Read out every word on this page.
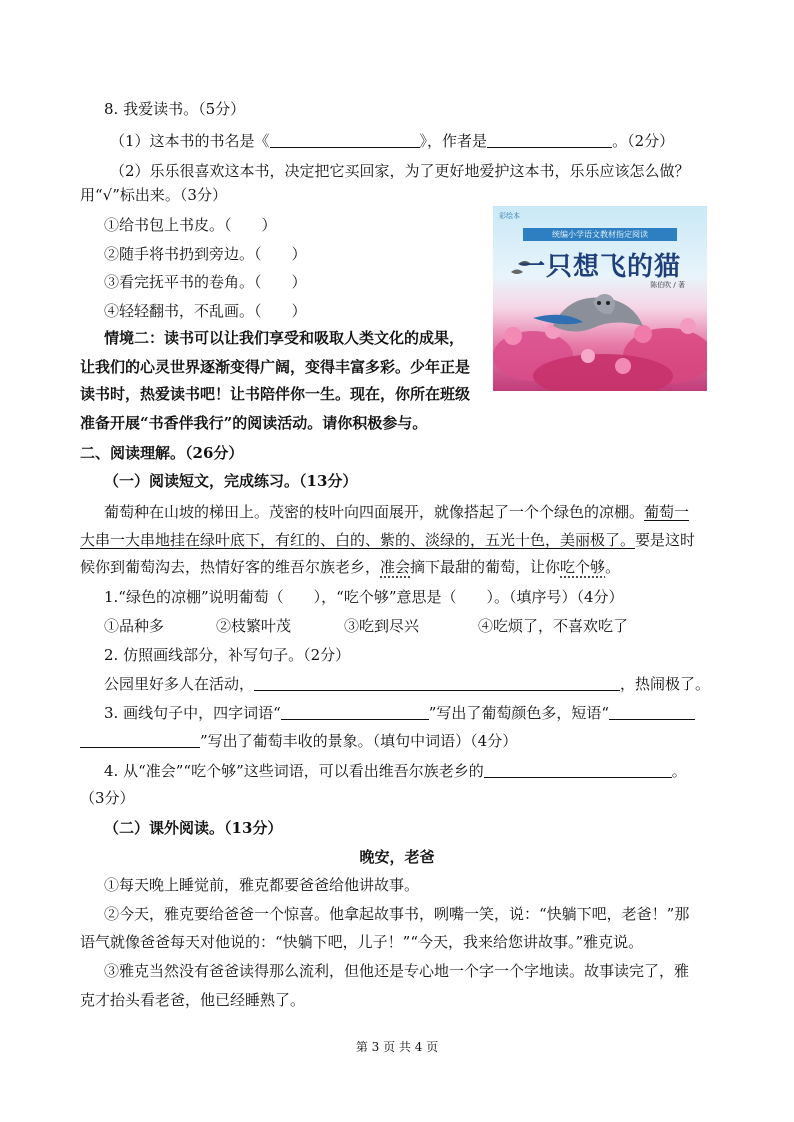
8. 我爱读书。（5分）
（1）这本书的书名是《	》，作者是	。（2分）
（2）乐乐很喜欢这本书，决定把它买回家，为了更好地爱护这本书，乐乐应该怎么做？
用“√”标出来。（3分）
①给书包上书皮。（　　）
②随手将书扔到旁边。（　　）
③看完抚平书的卷角。（　　）
④轻轻翻书，不乱画。（　　）
情境二：读书可以让我们享受和吸取人类文化的成果，
让我们的心灵世界逐渐变得广阔，变得丰富多彩。少年正是
读书时，热爱读书吧！让书陪伴你一生。现在，你所在班级
准备开展“书香伴我行”的阅读活动。请你积极参与。
彩绘本
统编小学语文教材指定阅读
一只想飞的猫
陈伯吹 / 著
二、阅读理解。（26分）
（一）阅读短文，完成练习。（13分）
葡萄种在山坡的梯田上。茂密的枝叶向四面展开，就像搭起了一个个绿色的凉棚。葡萄一
大串一大串地挂在绿叶底下，有红的、白的、紫的、淡绿的，五光十色，美丽极了。要是这时
候你到葡萄沟去，热情好客的维吾尔族老乡，准会摘下最甜的葡萄，让你吃个够。
1.“绿色的凉棚”说明葡萄（　　），“吃个够”意思是（　　）。（填序号）（4分）
①品种多	②枝繁叶茂	③吃到尽兴	④吃烦了，不喜欢吃了
2. 仿照画线部分，补写句子。（2分）
公园里好多人在活动，	，热闹极了。
3. 画线句子中，四字词语“	”写出了葡萄颜色多，短语“
”写出了葡萄丰收的景象。（填句中词语）（4分）
4. 从“准会”“吃个够”这些词语，可以看出维吾尔族老乡的	。
（3分）
（二）课外阅读。（13分）
晚安，老爸
①每天晚上睡觉前，雅克都要爸爸给他讲故事。
②今天，雅克要给爸爸一个惊喜。他拿起故事书，咧嘴一笑，说：“快躺下吧，老爸！”那
语气就像爸爸每天对他说的：“快躺下吧，儿子！”“今天，我来给您讲故事。”雅克说。
③雅克当然没有爸爸读得那么流利，但他还是专心地一个字一个字地读。故事读完了，雅
克才抬头看老爸，他已经睡熟了。
第 3 页 共 4 页
